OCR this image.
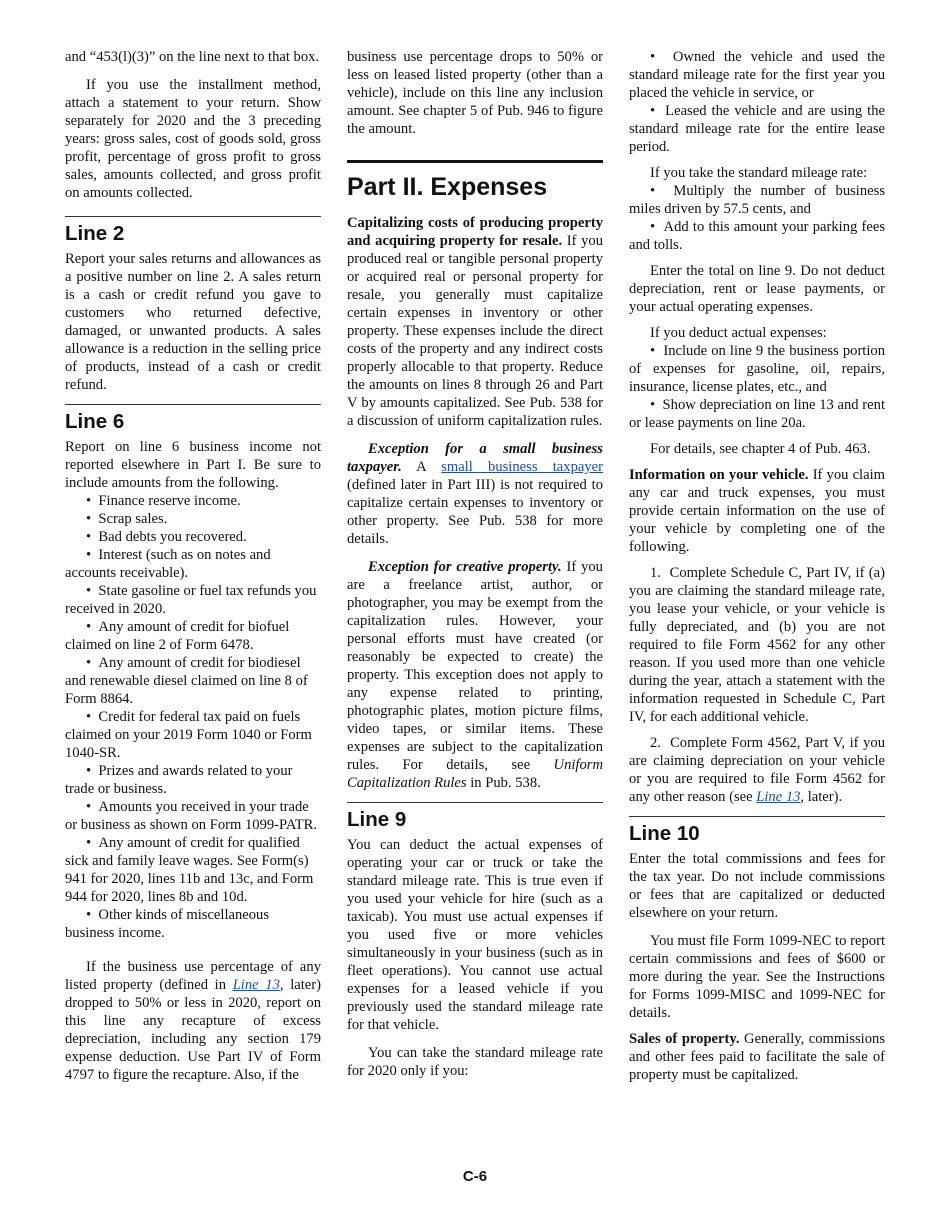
and “453(l)(3)” on the line next to that box.

If you use the installment method, attach a statement to your return. Show separately for 2020 and the 3 preceding years: gross sales, cost of goods sold, gross profit, percentage of gross profit to gross sales, amounts collected, and gross profit on amounts collected.

Line 2

Report your sales returns and allowances as a positive number on line 2. A sales return is a cash or credit refund you gave to customers who returned defective, damaged, or unwanted products. A sales allowance is a reduction in the selling price of products, instead of a cash or credit refund.

Line 6

Report on line 6 business income not reported elsewhere in Part I. Be sure to include amounts from the following.

•  Finance reserve income.

•  Scrap sales.

•  Bad debts you recovered.

•  Interest (such as on notes and accounts receivable).

•  State gasoline or fuel tax refunds you received in 2020.

•  Any amount of credit for biofuel claimed on line 2 of Form 6478.

•  Any amount of credit for biodiesel and renewable diesel claimed on line 8 of Form 8864.

•  Credit for federal tax paid on fuels claimed on your 2019 Form 1040 or Form 1040-SR.

•  Prizes and awards related to your trade or business.

•  Amounts you received in your trade or business as shown on Form 1099-PATR.

•  Any amount of credit for qualified sick and family leave wages. See Form(s) 941 for 2020, lines 11b and 13c, and Form 944 for 2020, lines 8b and 10d.

•  Other kinds of miscellaneous business income.

If the business use percentage of any listed property (defined in Line 13, later) dropped to 50% or less in 2020, report on this line any recapture of excess depreciation, including any section 179 expense deduction. Use Part IV of Form 4797 to figure the recapture. Also, if the

business use percentage drops to 50% or less on leased listed property (other than a vehicle), include on this line any inclusion amount. See chapter 5 of Pub. 946 to figure the amount.

Part II. Expenses

Capitalizing costs of producing property and acquiring property for resale. If you produced real or tangible personal property or acquired real or personal property for resale, you generally must capitalize certain expenses in inventory or other property. These expenses include the direct costs of the property and any indirect costs properly allocable to that property. Reduce the amounts on lines 8 through 26 and Part V by amounts capitalized. See Pub. 538 for a discussion of uniform capitalization rules.

Exception for a small business taxpayer. A small business taxpayer (defined later in Part III) is not required to capitalize certain expenses to inventory or other property. See Pub. 538 for more details.

Exception for creative property. If you are a freelance artist, author, or photographer, you may be exempt from the capitalization rules. However, your personal efforts must have created (or reasonably be expected to create) the property. This exception does not apply to any expense related to printing, photographic plates, motion picture films, video tapes, or similar items. These expenses are subject to the capitalization rules. For details, see Uniform Capitalization Rules in Pub. 538.

Line 9

You can deduct the actual expenses of operating your car or truck or take the standard mileage rate. This is true even if you used your vehicle for hire (such as a taxicab). You must use actual expenses if you used five or more vehicles simultaneously in your business (such as in fleet operations). You cannot use actual expenses for a leased vehicle if you previously used the standard mileage rate for that vehicle.

You can take the standard mileage rate for 2020 only if you:

•  Owned the vehicle and used the standard mileage rate for the first year you placed the vehicle in service, or

•  Leased the vehicle and are using the standard mileage rate for the entire lease period.

If you take the standard mileage rate:

•  Multiply the number of business miles driven by 57.5 cents, and

•  Add to this amount your parking fees and tolls.

Enter the total on line 9. Do not deduct depreciation, rent or lease payments, or your actual operating expenses.

If you deduct actual expenses:

•  Include on line 9 the business portion of expenses for gasoline, oil, repairs, insurance, license plates, etc., and

•  Show depreciation on line 13 and rent or lease payments on line 20a.

For details, see chapter 4 of Pub. 463.

Information on your vehicle. If you claim any car and truck expenses, you must provide certain information on the use of your vehicle by completing one of the following.

1.  Complete Schedule C, Part IV, if (a) you are claiming the standard mileage rate, you lease your vehicle, or your vehicle is fully depreciated, and (b) you are not required to file Form 4562 for any other reason. If you used more than one vehicle during the year, attach a statement with the information requested in Schedule C, Part IV, for each additional vehicle.

2.  Complete Form 4562, Part V, if you are claiming depreciation on your vehicle or you are required to file Form 4562 for any other reason (see Line 13, later).

Line 10

Enter the total commissions and fees for the tax year. Do not include commissions or fees that are capitalized or deducted elsewhere on your return.

You must file Form 1099-NEC to report certain commissions and fees of $600 or more during the year. See the Instructions for Forms 1099-MISC and 1099-NEC for details.

Sales of property. Generally, commissions and other fees paid to facilitate the sale of property must be capitalized.

C-6
